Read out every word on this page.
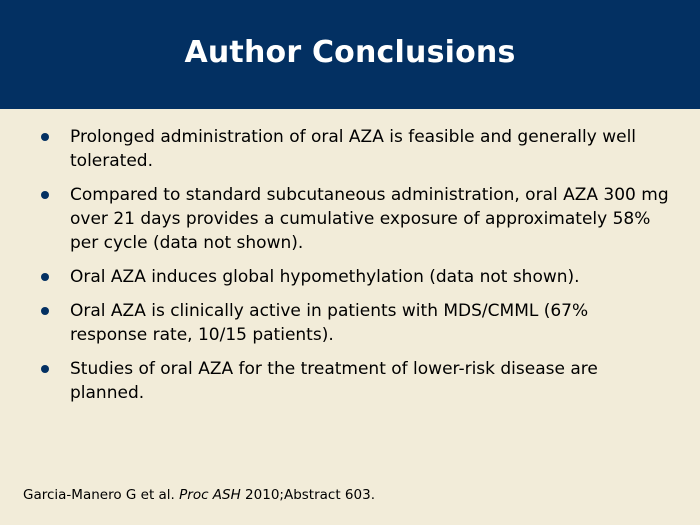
Author Conclusions
Prolonged administration of oral AZA is feasible and generally well tolerated.
Compared to standard subcutaneous administration, oral AZA 300 mg over 21 days provides a cumulative exposure of approximately 58% per cycle (data not shown).
Oral AZA induces global hypomethylation (data not shown).
Oral AZA is clinically active in patients with MDS/CMML (67% response rate, 10/15 patients).
Studies of oral AZA for the treatment of lower-risk disease are planned.
Garcia-Manero G et al. Proc ASH 2010;Abstract 603.
